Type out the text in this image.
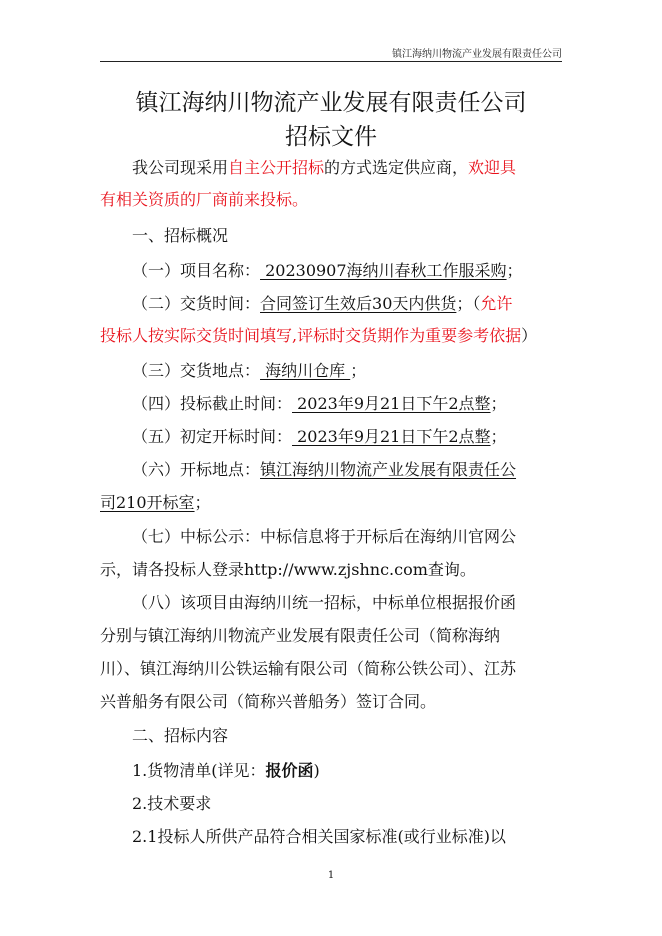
镇江海纳川物流产业发展有限责任公司
镇江海纳川物流产业发展有限责任公司
招标文件
我公司现采用自主公开招标的方式选定供应商，欢迎具
有相关资质的厂商前来投标。
一、招标概况
（一）项目名称： 20230907海纳川春秋工作服采购；
（二）交货时间：合同签订生效后30天内供货；（允许
投标人按实际交货时间填写,评标时交货期作为重要参考依据）
（三）交货地点： 海纳川仓库 ；
（四）投标截止时间： 2023年9月21日下午2点整；
（五）初定开标时间： 2023年9月21日下午2点整；
（六）开标地点：镇江海纳川物流产业发展有限责任公
司210开标室；
（七）中标公示：中标信息将于开标后在海纳川官网公
示，请各投标人登录http://www.zjshnc.com查询。
（八）该项目由海纳川统一招标，中标单位根据报价函
分别与镇江海纳川物流产业发展有限责任公司（简称海纳
川）、镇江海纳川公铁运输有限公司（简称公铁公司）、江苏
兴普船务有限公司（简称兴普船务）签订合同。
二、招标内容
1.货物清单(详见：报价函)
2.技术要求
2.1投标人所供产品符合相关国家标准(或行业标准)以
1
